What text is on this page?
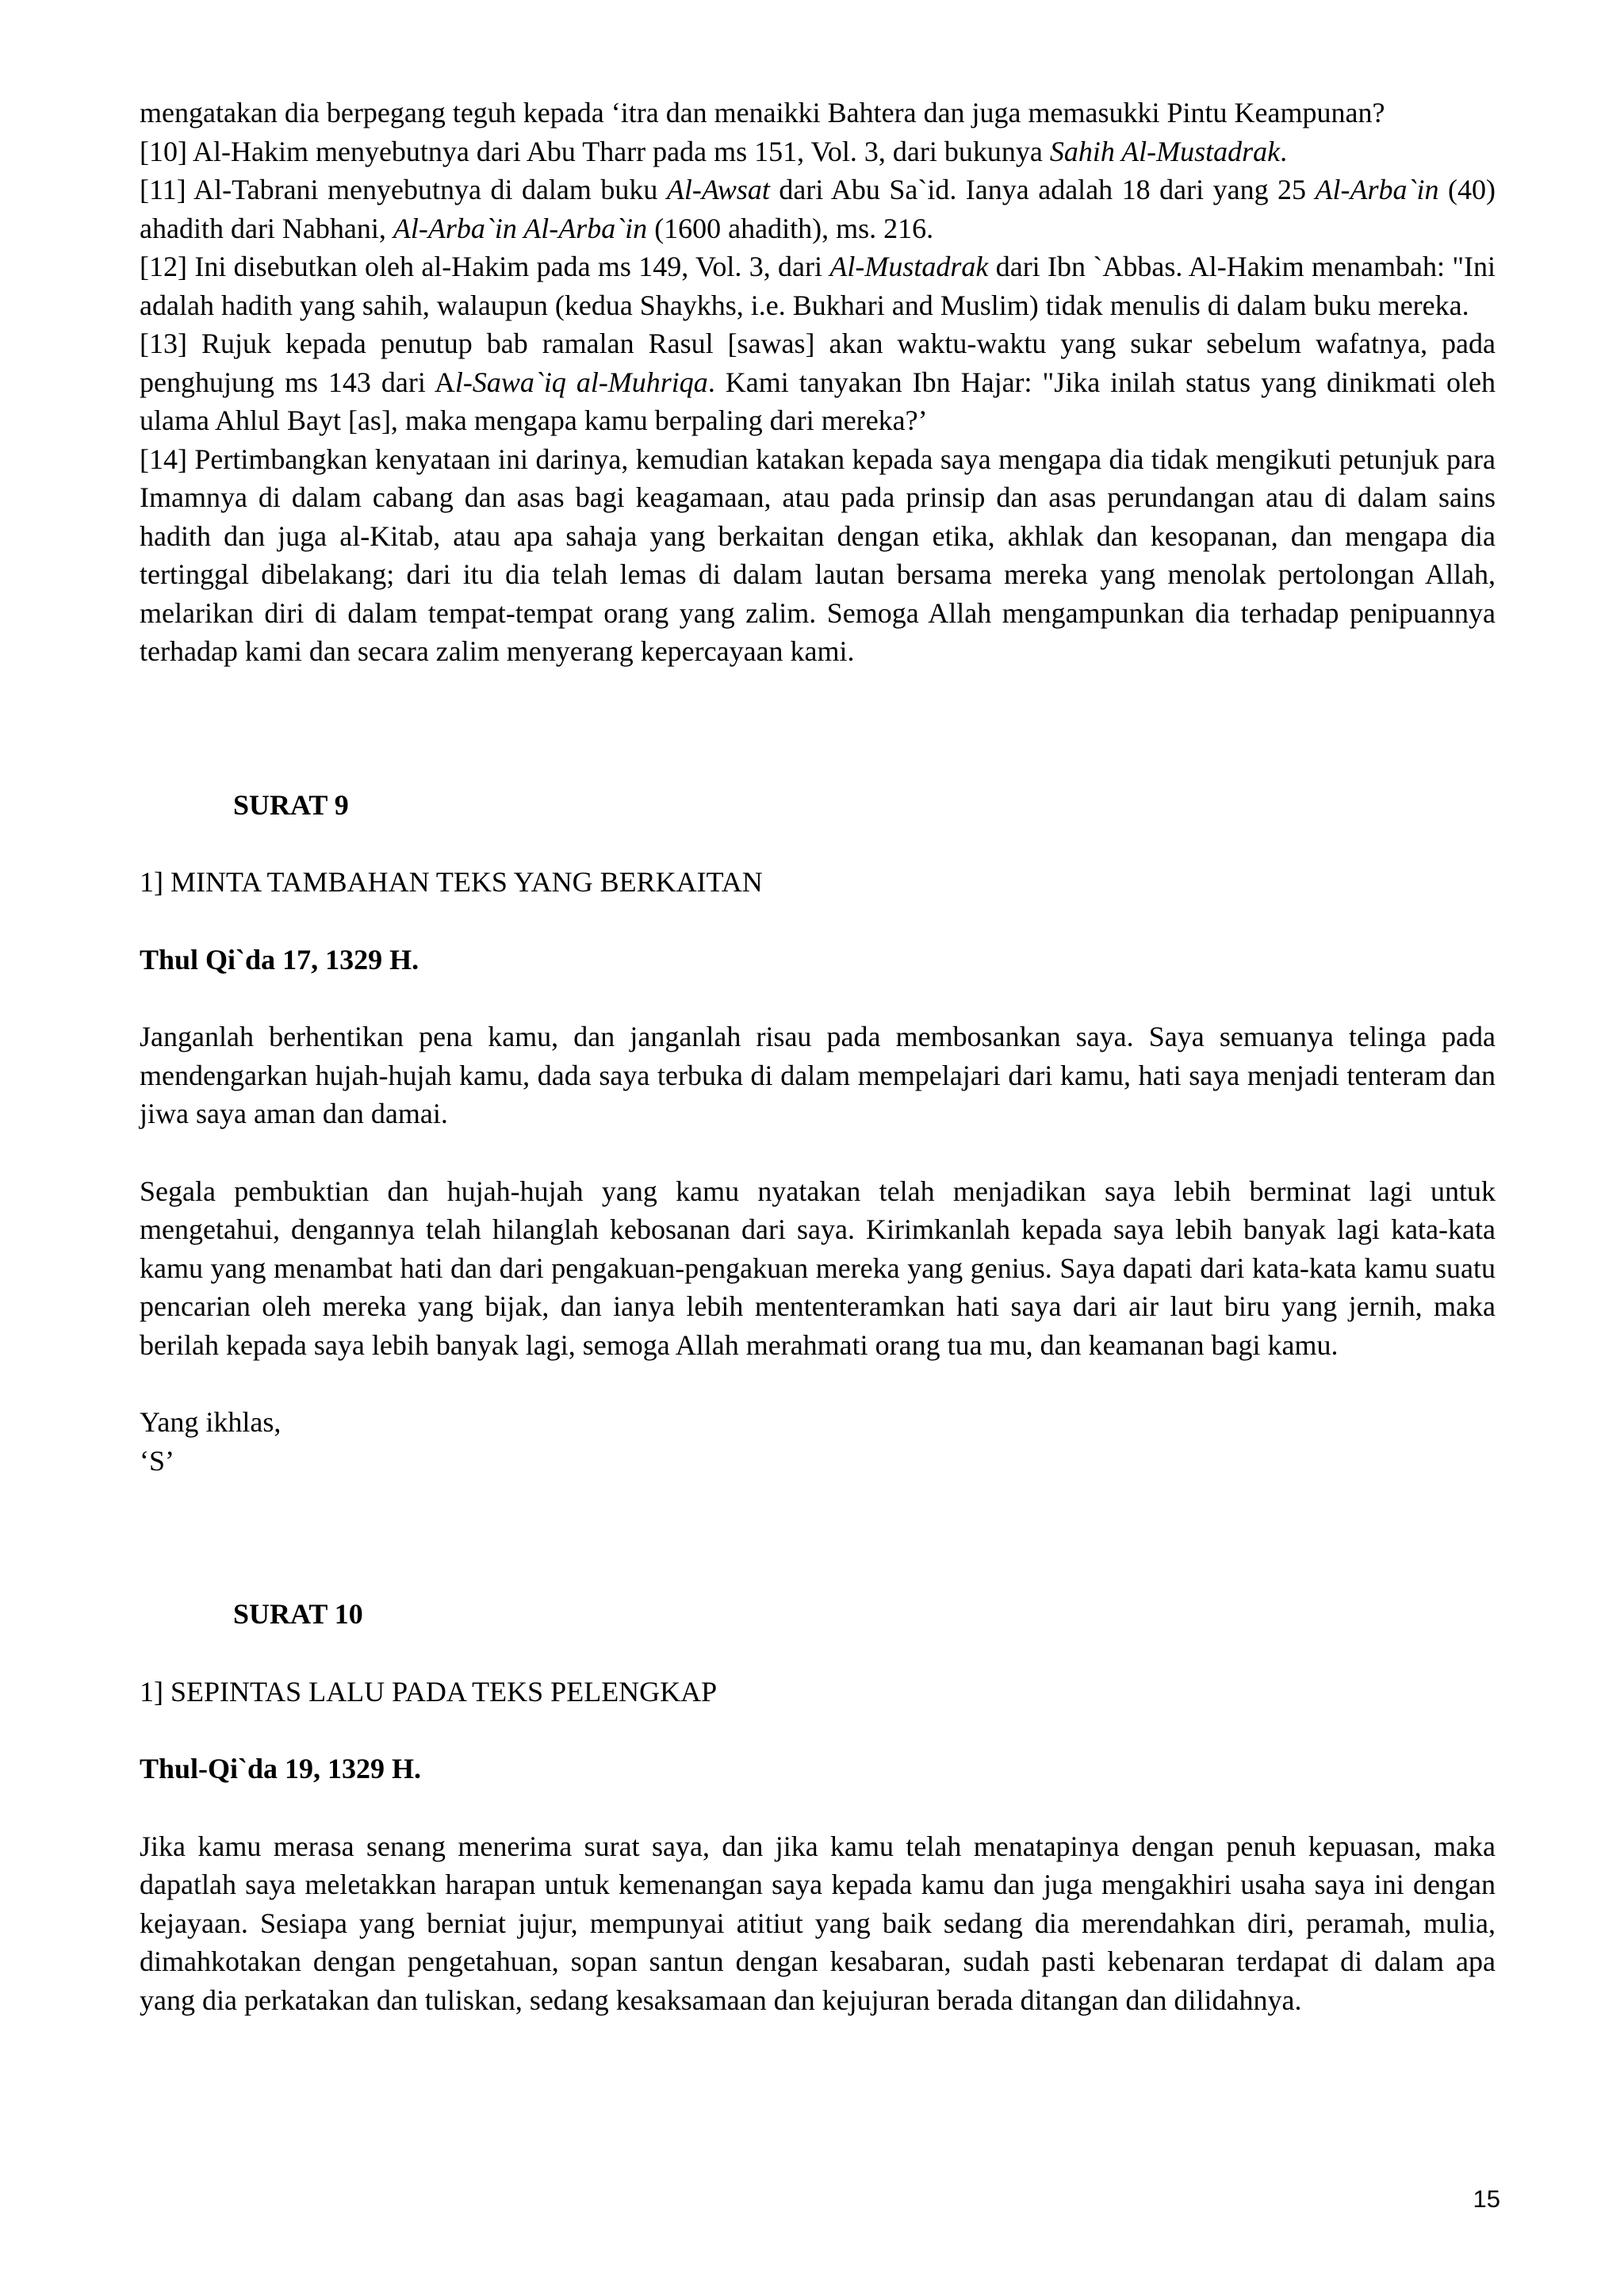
mengatakan dia berpegang teguh kepada ‘itra dan menaikki Bahtera dan juga memasukki Pintu Keampunan?

[10] Al-Hakim menyebutnya dari Abu Tharr pada ms 151, Vol. 3, dari bukunya Sahih Al-Mustadrak.

[11] Al-Tabrani menyebutnya di dalam buku Al-Awsat dari Abu Sa`id. Ianya adalah 18 dari yang 25 Al-Arba`in (40) ahadith dari Nabhani, Al-Arba`in Al-Arba`in (1600 ahadith), ms. 216.

[12] Ini disebutkan oleh al-Hakim pada ms 149, Vol. 3, dari Al-Mustadrak dari Ibn `Abbas. Al-Hakim menambah: "Ini adalah hadith yang sahih, walaupun (kedua Shaykhs, i.e. Bukhari and Muslim) tidak menulis di dalam buku mereka.

[13] Rujuk kepada penutup bab ramalan Rasul [sawas] akan waktu-waktu yang sukar sebelum wafatnya, pada penghujung ms 143 dari Al-Sawa`iq al-Muhriqa. Kami tanyakan Ibn Hajar: "Jika inilah status yang dinikmati oleh ulama Ahlul Bayt [as], maka mengapa kamu berpaling dari mereka?’

[14] Pertimbangkan kenyataan ini darinya, kemudian katakan kepada saya mengapa dia tidak mengikuti petunjuk para Imamnya di dalam cabang dan asas bagi keagamaan, atau pada prinsip dan asas perundangan atau di dalam sains hadith dan juga al-Kitab, atau apa sahaja yang berkaitan dengan etika, akhlak dan kesopanan, dan mengapa dia tertinggal dibelakang; dari itu dia telah lemas di dalam lautan bersama mereka yang menolak pertolongan Allah, melarikan diri di dalam tempat-tempat orang yang zalim. Semoga Allah mengampunkan dia terhadap penipuannya terhadap kami dan secara zalim menyerang kepercayaan kami.

SURAT 9

1] MINTA TAMBAHAN TEKS YANG BERKAITAN

Thul Qi`da 17, 1329 H.

Janganlah berhentikan pena kamu, dan janganlah risau pada membosankan saya. Saya semuanya telinga pada mendengarkan hujah-hujah kamu, dada saya terbuka di dalam mempelajari dari kamu, hati saya menjadi tenteram dan jiwa saya aman dan damai.

Segala pembuktian dan hujah-hujah yang kamu nyatakan telah menjadikan saya lebih berminat lagi untuk mengetahui, dengannya telah hilanglah kebosanan dari saya. Kirimkanlah kepada saya lebih banyak lagi kata-kata kamu yang menambat hati dan dari pengakuan-pengakuan mereka yang genius. Saya dapati dari kata-kata kamu suatu pencarian oleh mereka yang bijak, dan ianya lebih mententeramkan hati saya dari air laut biru yang jernih, maka berilah kepada saya lebih banyak lagi, semoga Allah merahmati orang tua mu, dan keamanan bagi kamu.

Yang ikhlas,

‘S’

SURAT 10

1] SEPINTAS LALU PADA TEKS PELENGKAP

Thul-Qi`da 19, 1329 H.

Jika kamu merasa senang menerima surat saya, dan jika kamu telah menatapinya dengan penuh kepuasan, maka dapatlah saya meletakkan harapan untuk kemenangan saya kepada kamu dan juga mengakhiri usaha saya ini dengan kejayaan. Sesiapa yang berniat jujur, mempunyai atitiut yang baik sedang dia merendahkan diri, peramah, mulia, dimahkotakan dengan pengetahuan, sopan santun dengan kesabaran, sudah pasti kebenaran terdapat di dalam apa yang dia perkatakan dan tuliskan, sedang kesaksamaan dan kejujuran berada ditangan dan dilidahnya.

15
